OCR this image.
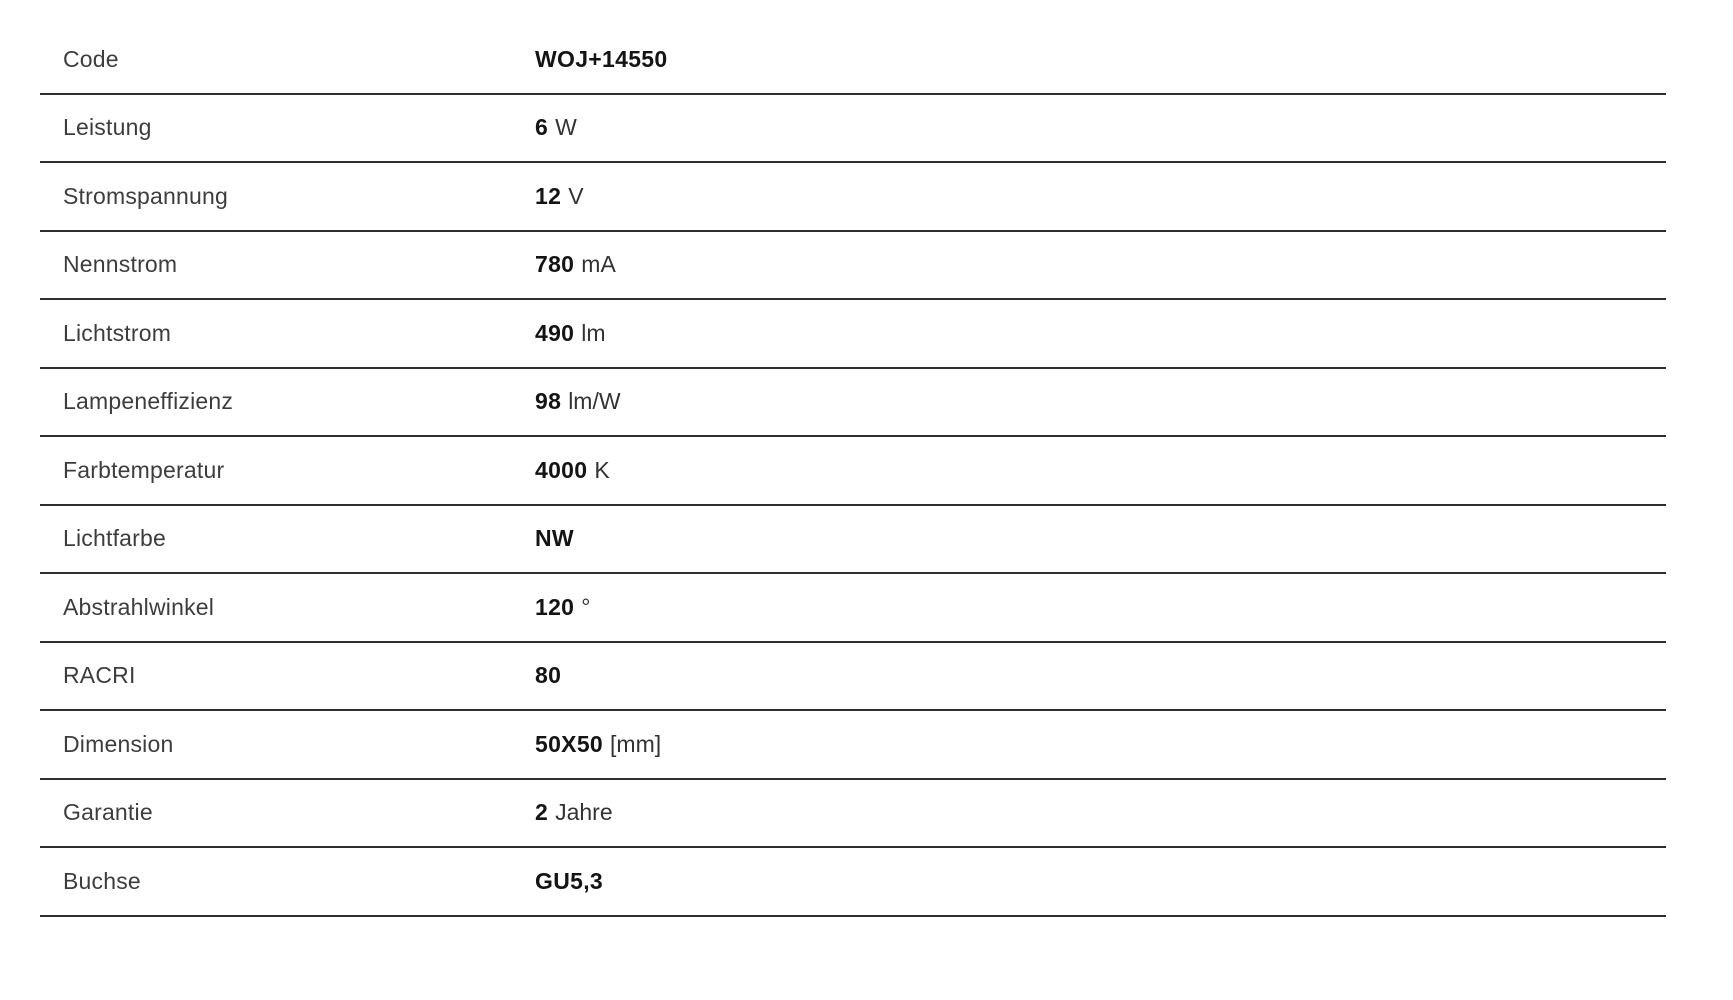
Code	WOJ+14550
Leistung	6 W
Stromspannung	12 V
Nennstrom	780 mA
Lichtstrom	490 lm
Lampeneffizienz	98 lm/W
Farbtemperatur	4000 K
Lichtfarbe	NW
Abstrahlwinkel	120 °
RACRI	80
Dimension	50X50 [mm]
Garantie	2 Jahre
Buchse	GU5,3
